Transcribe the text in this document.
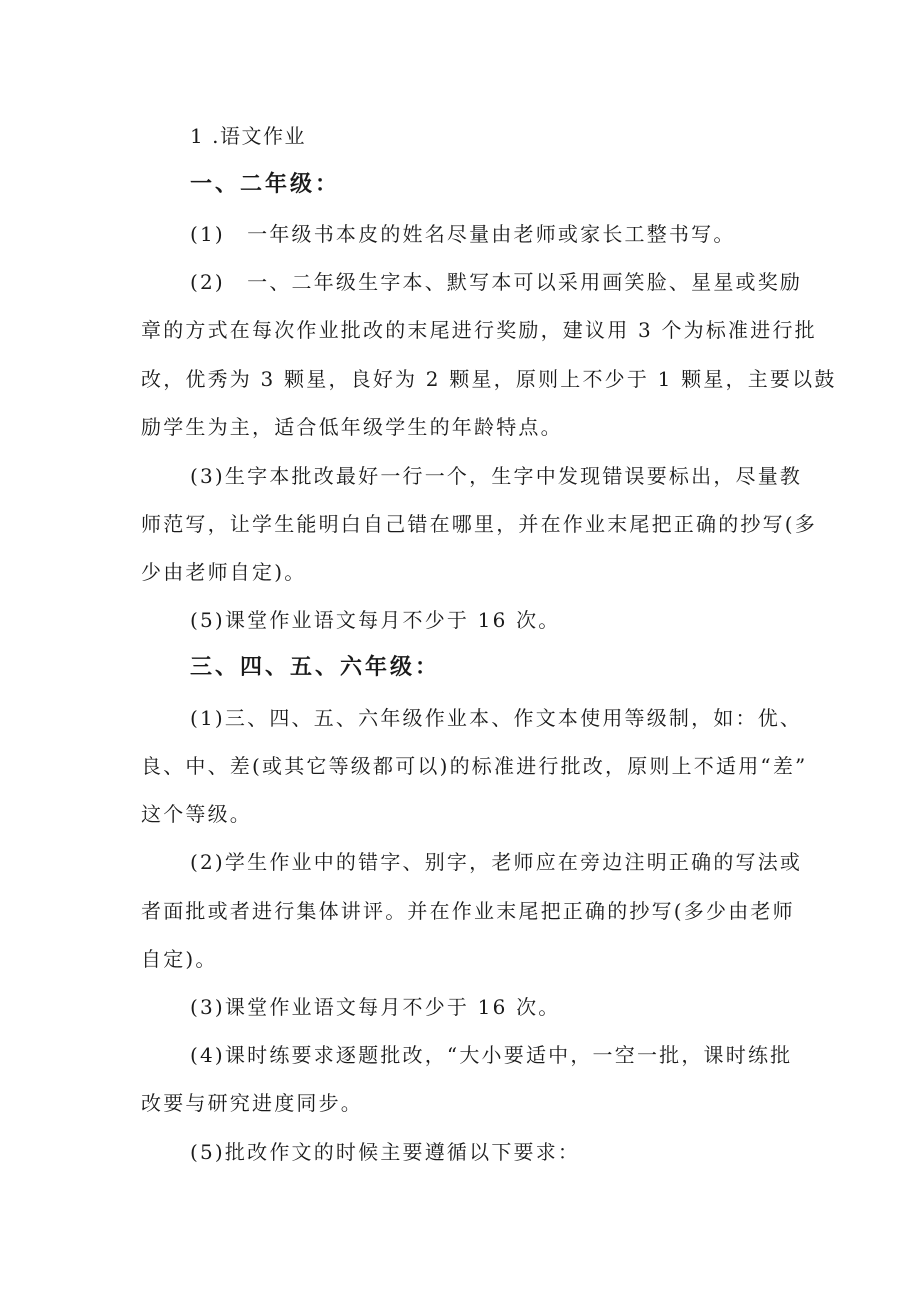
1 .语文作业
一、二年级：
(1)　一年级书本皮的姓名尽量由老师或家长工整书写。
(2)　一、二年级生字本、默写本可以采用画笑脸、星星或奖励
章的方式在每次作业批改的末尾进行奖励，建议用 3 个为标准进行批
改，优秀为 3 颗星，良好为 2 颗星，原则上不少于 1 颗星，主要以鼓
励学生为主，适合低年级学生的年龄特点。
(3)生字本批改最好一行一个，生字中发现错误要标出，尽量教
师范写，让学生能明白自己错在哪里，并在作业末尾把正确的抄写(多
少由老师自定)。
(5)课堂作业语文每月不少于 16 次。
三、四、五、六年级：
(1)三、四、五、六年级作业本、作文本使用等级制，如：优、
良、中、差(或其它等级都可以)的标准进行批改，原则上不适用“差”
这个等级。
(2)学生作业中的错字、别字，老师应在旁边注明正确的写法或
者面批或者进行集体讲评。并在作业末尾把正确的抄写(多少由老师
自定)。
(3)课堂作业语文每月不少于 16 次。
(4)课时练要求逐题批改，“大小要适中，一空一批，课时练批
改要与研究进度同步。
(5)批改作文的时候主要遵循以下要求：
